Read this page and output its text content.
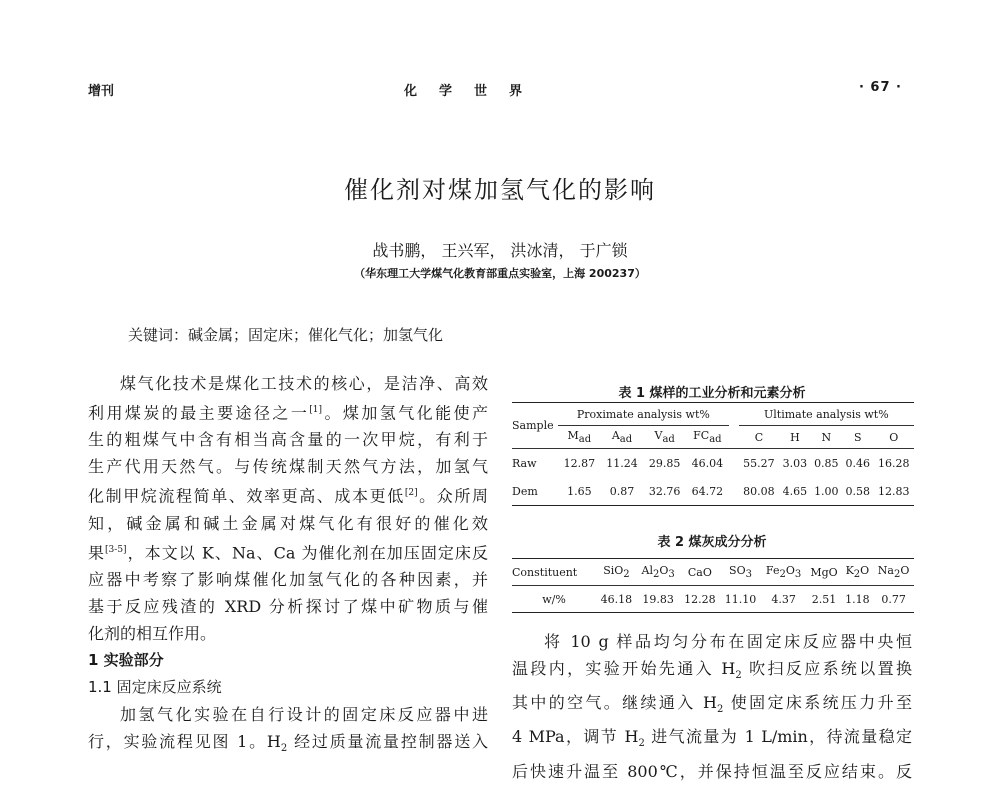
增刊	化学世界	· 67 ·
催化剂对煤加氢气化的影响
战书鹏， 王兴军， 洪冰清， 于广锁
（华东理工大学煤气化教育部重点实验室，上海 200237）
关键词：碱金属；固定床；催化气化；加氢气化

煤气化技术是煤化工技术的核心，是洁净、高效

利用煤炭的最主要途径之一[1]。煤加氢气化能使产

生的粗煤气中含有相当高含量的一次甲烷，有利于

生产代用天然气。与传统煤制天然气方法，加氢气

化制甲烷流程简单、效率更高、成本更低[2]。众所周

知，碱金属和碱土金属对煤气化有很好的催化效

果[3-5]，本文以 K、Na、Ca 为催化剂在加压固定床反

应器中考察了影响煤催化加氢气化的各种因素，并

基于反应残渣的 XRD 分析探讨了煤中矿物质与催

化剂的相互作用。

1 实验部分

1.1 固定床反应系统

加氢气化实验在自行设计的固定床反应器中进

行，实验流程见图 1。$H_2$ 经过质量流量控制器送入

表 1 煤样的工业分析和元素分析
Sample	Proximate analysis wt%					Ultimate analysis wt%				
	$M_{ad}$	$A_{ad}$	$V_{ad}$	$FC_{ad}$		C	H	N	S	O
Raw	12.87	11.24	29.85	46.04		55.27	3.03	0.85	0.46	16.28
Dem	1.65	0.87	32.76	64.72		80.08	4.65	1.00	0.58	12.83
表 2 煤灰成分分析
Constituent	SiO$_2$	$Al_2O_3$	CaO	$SO_3$	$Fe_2O_3$	MgO	$K_2O$	$Na_2O$
w/%	46.18	19.83	12.28	11.10	4.37	2.51	1.18	0.77

将 10 g 样品均匀分布在固定床反应器中央恒

温段内，实验开始先通入 $H_2$ 吹扫反应系统以置换

其中的空气。继续通入 $H_2$ 使固定床系统压力升至

4 MPa，调节 $H_2$ 进气流量为 1 L/min，待流量稳定

后快速升温至 800℃，并保持恒温至反应结束。反
